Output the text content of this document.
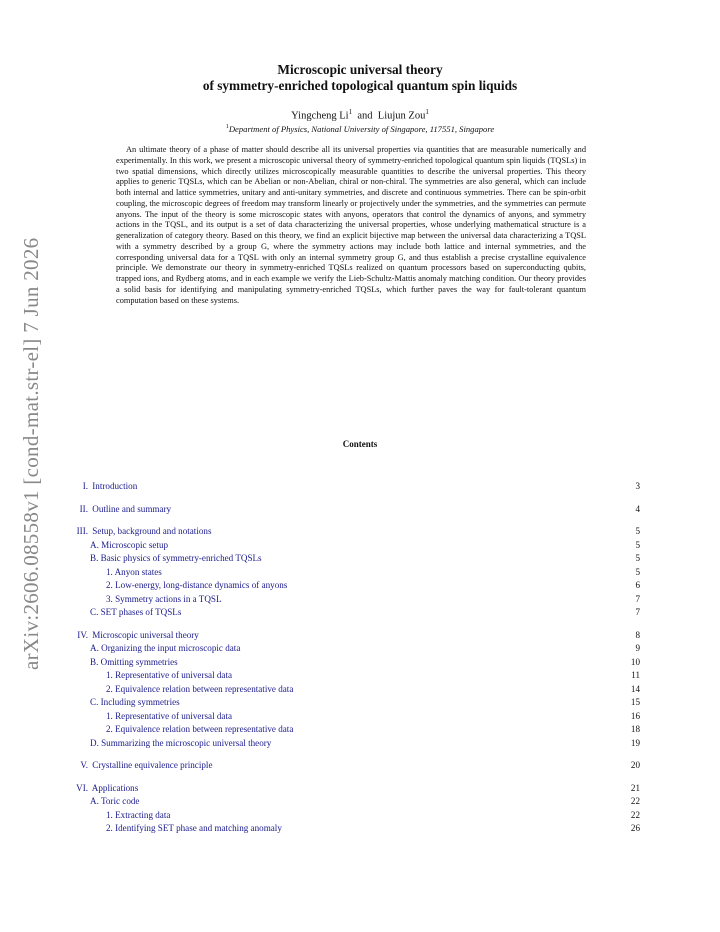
arXiv:2606.08558v1 [cond-mat.str-el] 7 Jun 2026
Microscopic universal theory
of symmetry-enriched topological quantum spin liquids
Yingcheng Li$^1$ and Liujun Zou$^1$
$^1$Department of Physics, National University of Singapore, 117551, Singapore

An ultimate theory of a phase of matter should describe all its universal properties via quantities that are measurable numerically and experimentally. In this work, we present a microscopic universal theory of symmetry-enriched topological quantum spin liquids (TQSLs) in two spatial dimensions, which directly utilizes microscopically measurable quantities to describe the universal properties. This theory applies to generic TQSLs, which can be Abelian or non-Abelian, chiral or non-chiral. The symmetries are also general, which can include both internal and lattice symmetries, unitary and anti-unitary symmetries, and discrete and continuous symmetries. There can be spin-orbit coupling, the microscopic degrees of freedom may transform linearly or projectively under the symmetries, and the symmetries can permute anyons. The input of the theory is some microscopic states with anyons, operators that control the dynamics of anyons, and symmetry actions in the TQSL, and its output is a set of data characterizing the universal properties, whose underlying mathematical structure is a generalization of category theory. Based on this theory, we find an explicit bijective map between the universal data characterizing a TQSL with a symmetry described by a group G, where the symmetry actions may include both lattice and internal symmetries, and the corresponding universal data for a TQSL with only an internal symmetry group G, and thus establish a precise crystalline equivalence principle. We demonstrate our theory in symmetry-enriched TQSLs realized on quantum processors based on superconducting qubits, trapped ions, and Rydberg atoms, and in each example we verify the Lieb-Schultz-Mattis anomaly matching condition. Our theory provides a solid basis for identifying and manipulating symmetry-enriched TQSLs, which further paves the way for fault-tolerant quantum computation based on these systems.

Contents
I. Introduction	3
II. Outline and summary	4
III. Setup, background and notations	5
A. Microscopic setup	5
B. Basic physics of symmetry-enriched TQSLs	5
1. Anyon states	5
2. Low-energy, long-distance dynamics of anyons	6
3. Symmetry actions in a TQSL	7
C. SET phases of TQSLs	7
IV. Microscopic universal theory	8
A. Organizing the input microscopic data	9
B. Omitting symmetries	10
1. Representative of universal data	11
2. Equivalence relation between representative data	14
C. Including symmetries	15
1. Representative of universal data	16
2. Equivalence relation between representative data	18
D. Summarizing the microscopic universal theory	19
V. Crystalline equivalence principle	20
VI. Applications	21
A. Toric code	22
1. Extracting data	22
2. Identifying SET phase and matching anomaly	26
